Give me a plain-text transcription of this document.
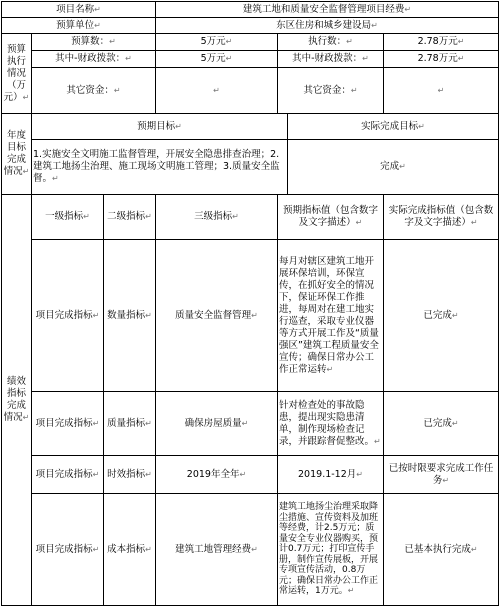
项目名称↵			建筑工地和质量安全监督管理项目经费↵			
预算单位↵			东区住房和城乡建设局↵			
预算执行情况（万元）↵	预算数：↵		5万元↵	执行数：↵		2.78万元↵
	其中-财政拨款：↵		5万元↵	其中-财政拨款：↵		2.78万元↵
	其它资金：↵		↵	其它资金：↵		↵
年度目标完成情况↵	预期目标↵				实际完成目标↵	
	1.实施安全文明施工监督管理，开展安全隐患排查治理；2.建筑工地扬尘治理、施工现场文明施工管理；3.质量安全监督。↵				完成↵	
绩效指标完成情况↵	一级指标↵	二级指标↵	三级指标↵	预期指标值（包含数字及文字描述）↵		实际完成指标值（包含数字及文字描述）↵
	项目完成指标↵	数量指标↵	质量安全监督管理↵	每月对辖区建筑工地开展环保培训，环保宣传，在抓好安全的情况下，保证环保工作推进，每周对在建工地实行巡查，采取专业仪器等方式开展工作及“质量强区”建筑工程质量安全宣传；确保日常办公工作正常运转↵		已完成↵
	项目完成指标↵	质量指标↵	确保房屋质量↵	针对检查处的事故隐患，提出现实隐患清单，制作现场检查记录，并跟踪督促整改。↵		已完成↵
	项目完成指标↵	时效指标↵	2019年全年↵	2019.1-12月↵		已按时限要求完成工作任务↵
	项目完成指标↵	成本指标↵	建筑工地管理经费↵	建筑工地扬尘治理采取降尘措施、宣传资料及加班等经费，计2.5万元；质量安全专业仪器购买，预计0.7万元；打印宣传手册，制作宣传展板，开展专项宣传活动，0.8万元；确保日常办公工作正常运转，1万元。↵		已基本执行完成↵
